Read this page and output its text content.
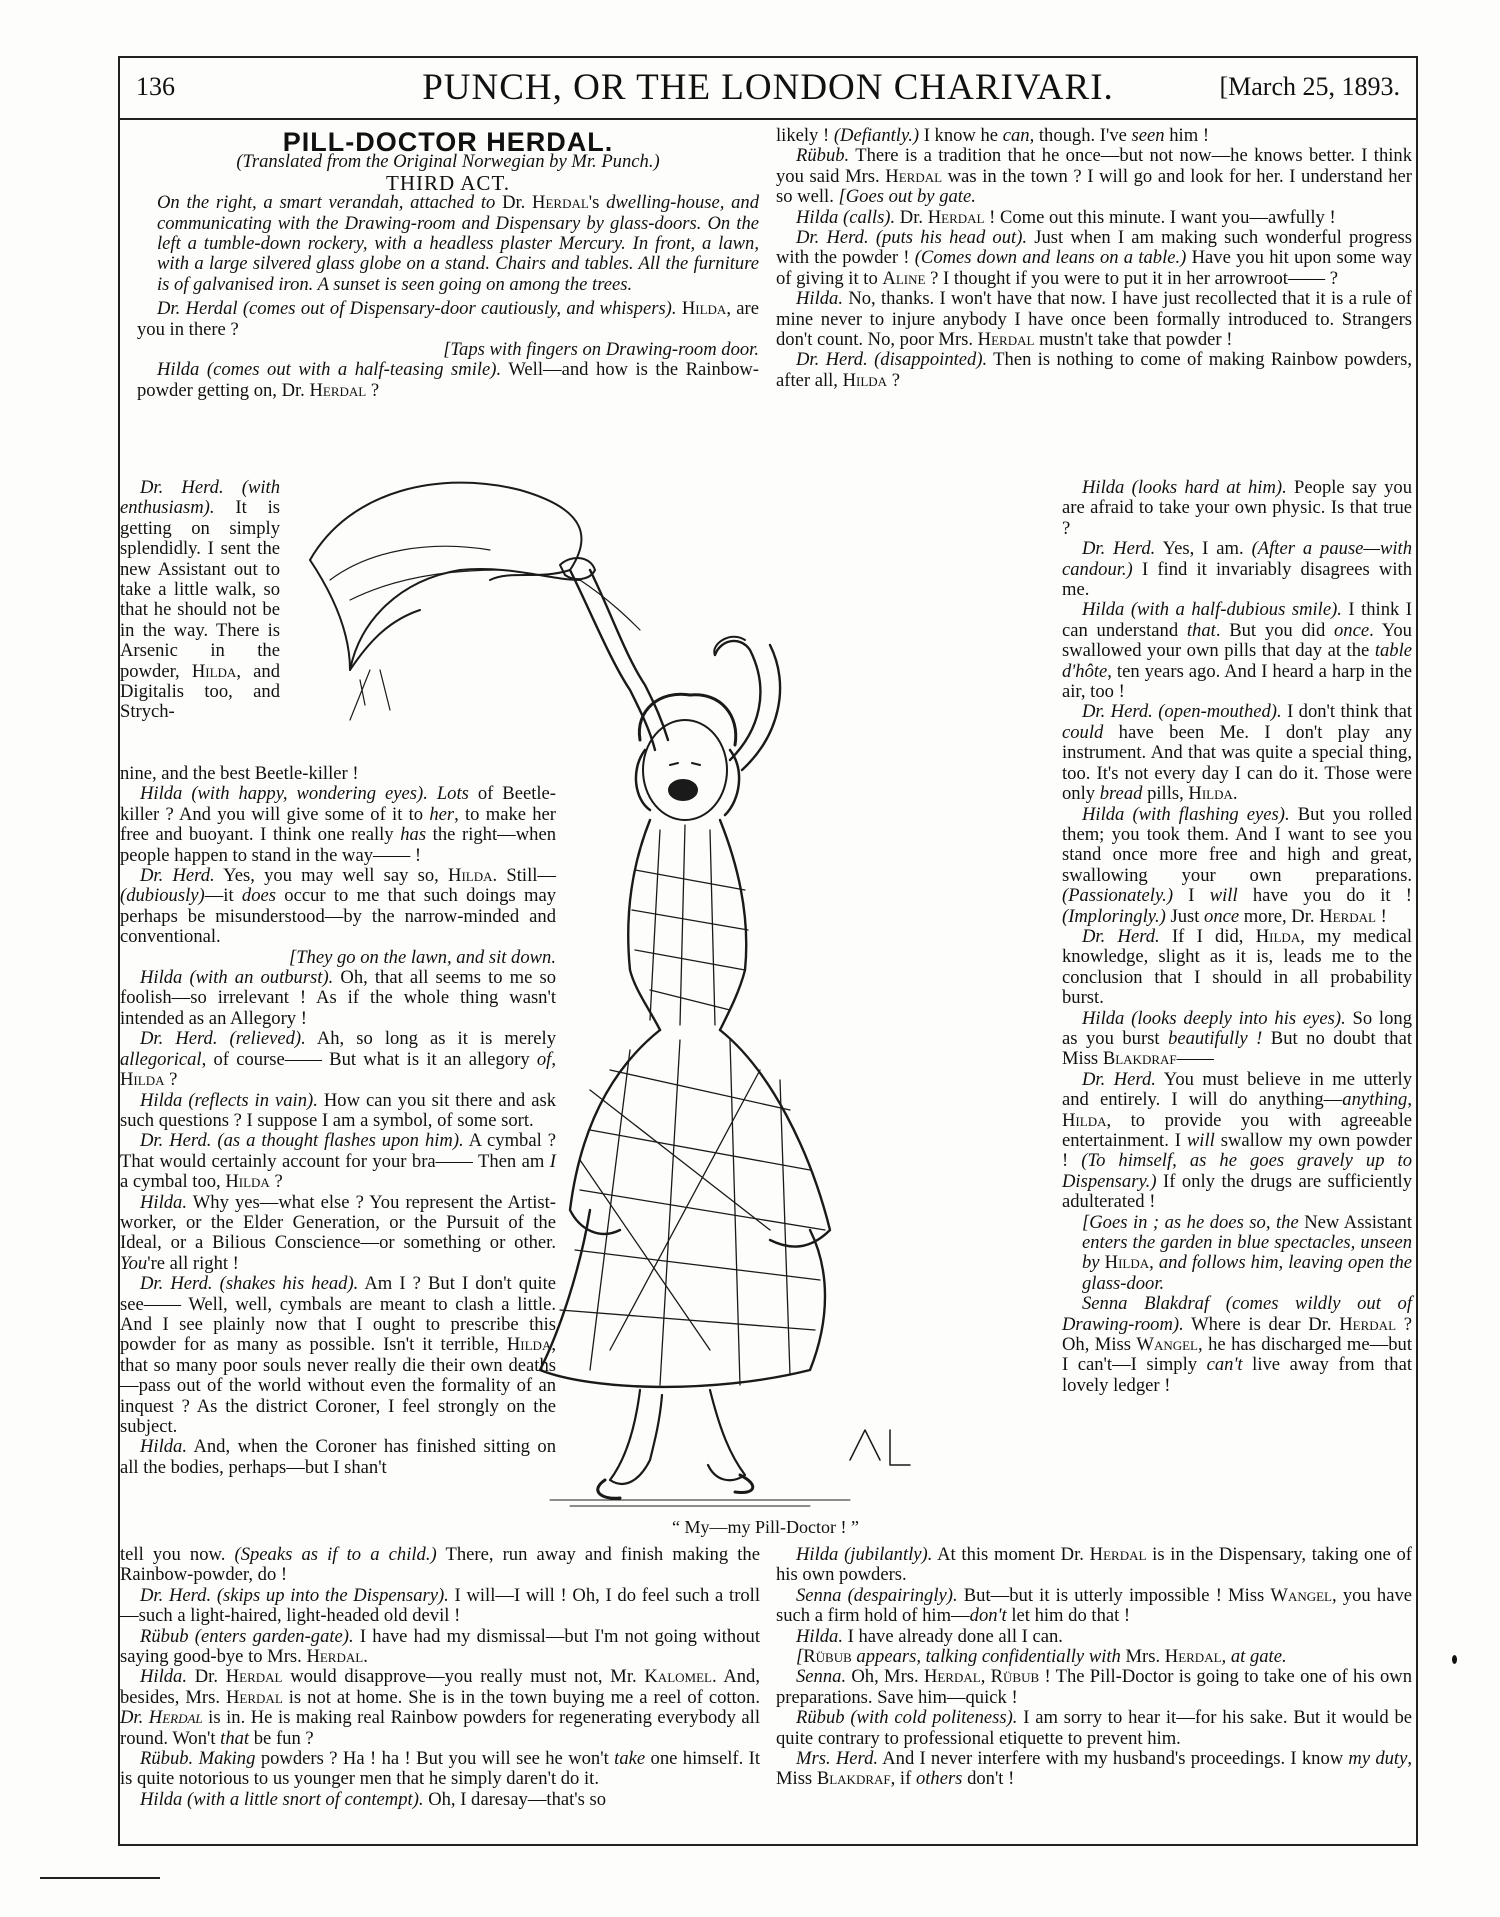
136	PUNCH, OR THE LONDON CHARIVARI.	[March 25, 1893.

PILL-DOCTOR HERDAL.

(Translated from the Original Norwegian by Mr. Punch.)

THIRD ACT.

On the right, a smart verandah, attached to Dr. Herdal's dwelling-house, and communicating with the Drawing-room and Dispensary by glass-doors. On the left a tumble-down rockery, with a headless plaster Mercury. In front, a lawn, with a large silvered glass globe on a stand. Chairs and tables. All the furniture is of galvanised iron. A sunset is seen going on among the trees.

Dr. Herdal (comes out of Dispensary-door cautiously, and whispers). Hilda, are you in there ?

[Taps with fingers on Drawing-room door.

Hilda (comes out with a half-teasing smile). Well—and how is the Rainbow-powder getting on, Dr. Herdal ?

Dr. Herd. (with enthusiasm). It is getting on simply splendidly. I sent the new Assistant out to take a little walk, so that he should not be in the way. There is Arsenic in the powder, Hilda, and Digitalis too, and Strych-

nine, and the best Beetle-killer !

Hilda (with happy, wondering eyes). Lots of Beetle-killer ? And you will give some of it to her, to make her free and buoyant. I think one really has the right—when people happen to stand in the way—— !

Dr. Herd. Yes, you may well say so, Hilda. Still—(dubiously)—it does occur to me that such doings may perhaps be misunderstood—by the narrow-minded and conventional.

[They go on the lawn, and sit down.

Hilda (with an outburst). Oh, that all seems to me so foolish—so irrelevant ! As if the whole thing wasn't intended as an Allegory !

Dr. Herd. (relieved). Ah, so long as it is merely allegorical, of course—— But what is it an allegory of, Hilda ?

Hilda (reflects in vain). How can you sit there and ask such questions ? I suppose I am a symbol, of some sort.

Dr. Herd. (as a thought flashes upon him). A cymbal ? That would certainly account for your bra—— Then am I a cymbal too, Hilda ?

Hilda. Why yes—what else ? You represent the Artist-worker, or the Elder Generation, or the Pursuit of the Ideal, or a Bilious Conscience—or something or other. You're all right !

Dr. Herd. (shakes his head). Am I ? But I don't quite see—— Well, well, cymbals are meant to clash a little. And I see plainly now that I ought to prescribe this powder for as many as possible. Isn't it terrible, Hilda, that so many poor souls never really die their own deaths—pass out of the world without even the formality of an inquest ? As the district Coroner, I feel strongly on the subject.

Hilda. And, when the Coroner has finished sitting on all the bodies, perhaps—but I shan't

tell you now. (Speaks as if to a child.) There, run away and finish making the Rainbow-powder, do !

Dr. Herd. (skips up into the Dispensary). I will—I will ! Oh, I do feel such a troll—such a light-haired, light-headed old devil !

Rübub (enters garden-gate). I have had my dismissal—but I'm not going without saying good-bye to Mrs. Herdal.

Hilda. Dr. Herdal would disapprove—you really must not, Mr. Kalomel. And, besides, Mrs. Herdal is not at home. She is in the town buying me a reel of cotton. Dr. Herdal is in. He is making real Rainbow powders for regenerating everybody all round. Won't that be fun ?

Rübub. Making powders ? Ha ! ha ! But you will see he won't take one himself. It is quite notorious to us younger men that he simply daren't do it.

Hilda (with a little snort of contempt). Oh, I daresay—that's so

likely ! (Defiantly.) I know he can, though. I've seen him !

Rübub. There is a tradition that he once—but not now—he knows better. I think you said Mrs. Herdal was in the town ? I will go and look for her. I understand her so well. [Goes out by gate.

Hilda (calls). Dr. Herdal ! Come out this minute. I want you—awfully !

Dr. Herd. (puts his head out). Just when I am making such wonderful progress with the powder ! (Comes down and leans on a table.) Have you hit upon some way of giving it to Aline ? I thought if you were to put it in her arrowroot—— ?

Hilda. No, thanks. I won't have that now. I have just recollected that it is a rule of mine never to injure anybody I have once been formally introduced to. Strangers don't count. No, poor Mrs. Herdal mustn't take that powder !

Dr. Herd. (disappointed). Then is nothing to come of making Rainbow powders, after all, Hilda ?

Hilda (looks hard at him). People say you are afraid to take your own physic. Is that true ?

Dr. Herd. Yes, I am. (After a pause—with candour.) I find it invariably disagrees with me.

Hilda (with a half-dubious smile). I think I can understand that. But you did once. You swallowed your own pills that day at the table d'hôte, ten years ago. And I heard a harp in the air, too !

Dr. Herd. (open-mouthed). I don't think that could have been Me. I don't play any instrument. And that was quite a special thing, too. It's not every day I can do it. Those were only bread pills, Hilda.

Hilda (with flashing eyes). But you rolled them; you took them. And I want to see you stand once more free and high and great, swallowing your own preparations. (Passionately.) I will have you do it ! (Imploringly.) Just once more, Dr. Herdal !

Dr. Herd. If I did, Hilda, my medical knowledge, slight as it is, leads me to the conclusion that I should in all probability burst.

Hilda (looks deeply into his eyes). So long as you burst beautifully ! But no doubt that Miss Blakdraf——

Dr. Herd. You must believe in me utterly and entirely. I will do anything—anything, Hilda, to provide you with agreeable entertainment. I will swallow my own powder ! (To himself, as he goes gravely up to Dispensary.) If only the drugs are sufficiently adulterated !

[Goes in ; as he does so, the New Assistant enters the garden in blue spectacles, unseen by Hilda, and follows him, leaving open the glass-door.

Senna Blakdraf (comes wildly out of Drawing-room). Where is dear Dr. Herdal ? Oh, Miss Wangel, he has discharged me—but I can't—I simply can't live away from that lovely ledger !

Hilda (jubilantly). At this moment Dr. Herdal is in the Dispensary, taking one of his own powders.

Senna (despairingly). But—but it is utterly impossible ! Miss Wangel, you have such a firm hold of him—don't let him do that !

Hilda. I have already done all I can.

[Rübub appears, talking confidentially with Mrs. Herdal, at gate.

Senna. Oh, Mrs. Herdal, Rübub ! The Pill-Doctor is going to take one of his own preparations. Save him—quick !

Rübub (with cold politeness). I am sorry to hear it—for his sake. But it would be quite contrary to professional etiquette to prevent him.

Mrs. Herd. And I never interfere with my husband's proceedings. I know my duty, Miss Blakdraf, if others don't !

“ My—my Pill-Doctor ! ”
